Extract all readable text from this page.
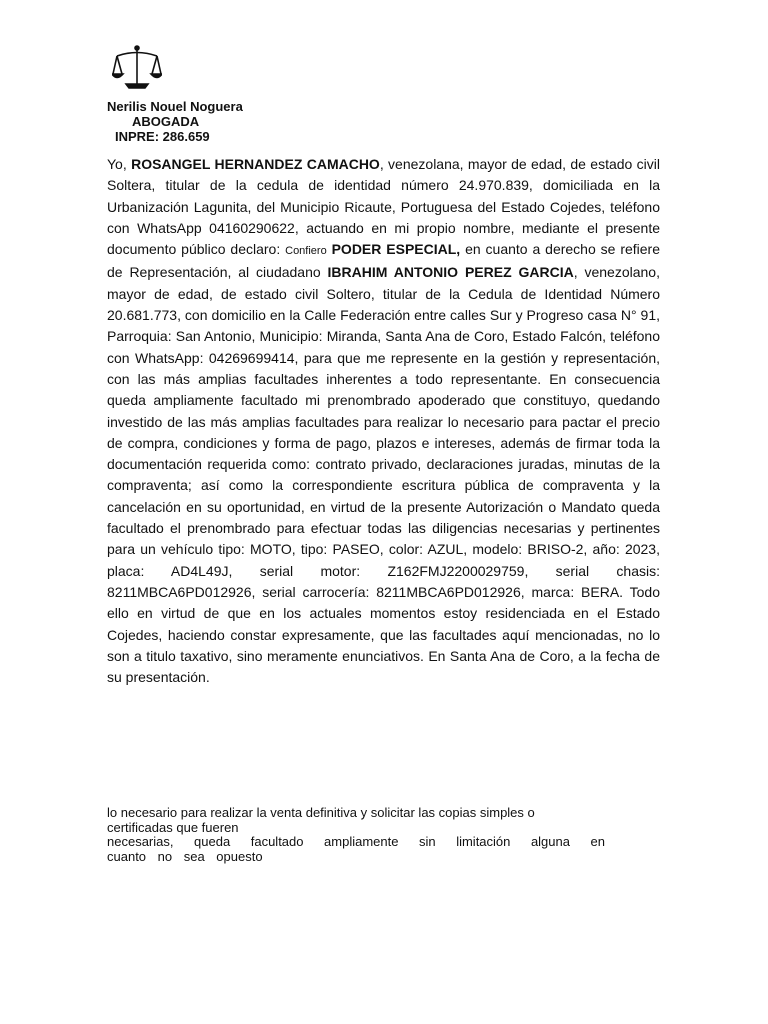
Nerilis Nouel Noguera
ABOGADA
INPRE: 286.659
Yo, ROSANGEL HERNANDEZ CAMACHO, venezolana, mayor de edad, de estado civil Soltera, titular de la cedula de identidad número 24.970.839, domiciliada en la Urbanización Lagunita, del Municipio Ricaute, Portuguesa del Estado Cojedes, teléfono con WhatsApp 04160290622, actuando en mi propio nombre, mediante el presente documento público declaro: Confiero PODER ESPECIAL, en cuanto a derecho se refiere de Representación, al ciudadano IBRAHIM ANTONIO PEREZ GARCIA, venezolano, mayor de edad, de estado civil Soltero, titular de la Cedula de Identidad Número 20.681.773, con domicilio en la Calle Federación entre calles Sur y Progreso casa N° 91, Parroquia: San Antonio, Municipio: Miranda, Santa Ana de Coro, Estado Falcón, teléfono con WhatsApp: 04269699414, para que me represente en la gestión y representación, con las más amplias facultades inherentes a todo representante. En consecuencia queda ampliamente facultado mi prenombrado apoderado que constituyo, quedando investido de las más amplias facultades para realizar lo necesario para pactar el precio de compra, condiciones y forma de pago, plazos e intereses, además de firmar toda la documentación requerida como: contrato privado, declaraciones juradas, minutas de la compraventa; así como la correspondiente escritura pública de compraventa y la cancelación en su oportunidad, en virtud de la presente Autorización o Mandato queda facultado el prenombrado para efectuar todas las diligencias necesarias y pertinentes para un vehículo tipo: MOTO, tipo: PASEO, color: AZUL, modelo: BRISO-2, año: 2023, placa: AD4L49J, serial motor: Z162FMJ2200029759, serial chasis: 8211MBCA6PD012926, serial carrocería: 8211MBCA6PD012926, marca: BERA. Todo ello en virtud de que en los actuales momentos estoy residenciada en el Estado Cojedes, haciendo constar expresamente, que las facultades aquí mencionadas, no lo son a titulo taxativo, sino meramente enunciativos. En Santa Ana de Coro, a la fecha de su presentación.
lo necesario para realizar la venta definitiva y solicitar las copias simples o
certificadas que fueren
necesarias, queda facultado ampliamente sin limitación alguna en
cuanto no sea opuesto
